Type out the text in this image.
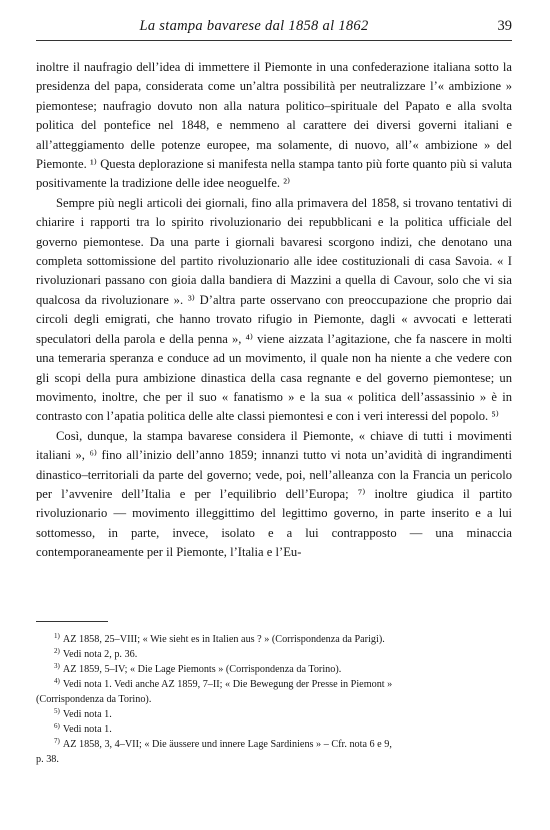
La stampa bavarese dal 1858 al 1862	39

inoltre il naufragio dell’idea di immettere il Piemonte in una confederazione italiana sotto la presidenza del papa, considerata come un’altra possibilità per neutralizzare l’« ambizione » piemontese; naufragio dovuto non alla natura politico–spirituale del Papato e alla svolta politica del pontefice nel 1848, e nemmeno al carattere dei diversi governi italiani e all’atteggiamento delle potenze europee, ma solamente, di nuovo, all’« ambizione » del Piemonte. ¹⁾ Questa deplorazione si manifesta nella stampa tanto più forte quanto più si valuta positivamente la tradizione delle idee neoguelfe. ²⁾

Sempre più negli articoli dei giornali, fino alla primavera del 1858, si trovano tentativi di chiarire i rapporti tra lo spirito rivoluzionario dei repubblicani e la politica ufficiale del governo piemontese. Da una parte i giornali bavaresi scorgono indizi, che denotano una completa sottomissione del partito rivoluzionario alle idee costituzionali di casa Savoia. « I rivoluzionari passano con gioia dalla bandiera di Mazzini a quella di Cavour, solo che vi sia qualcosa da rivoluzionare ». ³⁾ D’altra parte osservano con preoccupazione che proprio dai circoli degli emigrati, che hanno trovato rifugio in Piemonte, dagli « avvocati e letterati speculatori della parola e della penna », ⁴⁾ viene aizzata l’agitazione, che fa nascere in molti una temeraria speranza e conduce ad un movimento, il quale non ha niente a che vedere con gli scopi della pura ambizione dinastica della casa regnante e del governo piemontese; un movimento, inoltre, che per il suo « fanatismo » e la sua « politica dell’assassinio » è in contrasto con l’apatia politica delle alte classi piemontesi e con i veri interessi del popolo. ⁵⁾

Così, dunque, la stampa bavarese considera il Piemonte, « chiave di tutti i movimenti italiani », ⁶⁾ fino all’inizio dell’anno 1859; innanzi tutto vi nota un’avidità di ingrandimenti dinastico–territoriali da parte del governo; vede, poi, nell’alleanza con la Francia un pericolo per l’avvenire dell’Italia e per l’equilibrio dell’Europa; ⁷⁾ inoltre giudica il partito rivoluzionario — movimento illeggittimo del legittimo governo, in parte inserito e a lui sottomesso, in parte, invece, isolato e a lui contrapposto — una minaccia contemporaneamente per il Piemonte, l’Italia e l’Eu-

$^{1)}$ AZ 1858, 25–VIII; « Wie sieht es in Italien aus ? » (Corrispondenza da Parigi).

$^{2)}$ Vedi nota 2, p. 36.

$^{3)}$ AZ 1859, 5–IV; « Die Lage Piemonts » (Corrispondenza da Torino).

$^{4)}$ Vedi nota 1. Vedi anche AZ 1859, 7–II; « Die Bewegung der Presse in Piemont »

(Corrispondenza da Torino).

$^{5)}$ Vedi nota 1.

$^{6)}$ Vedi nota 1.

$^{7)}$ AZ 1858, 3, 4–VII; « Die äussere und innere Lage Sardiniens » – Cfr. nota 6 e 9,

p. 38.
